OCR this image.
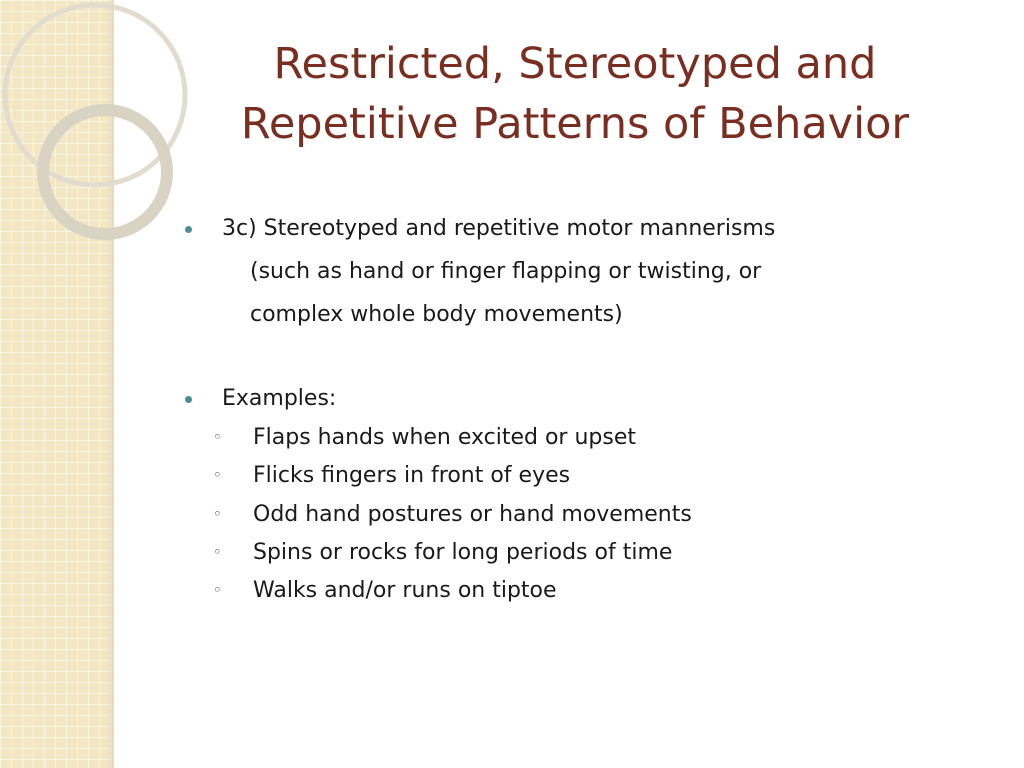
Restricted, Stereotyped and
Repetitive Patterns of Behavior

3c) Stereotyped and repetitive motor mannerisms

(such as hand or finger flapping or twisting, or

complex whole body movements)

Examples:

◦ Flaps hands when excited or upset
◦ Flicks fingers in front of eyes
◦ Odd hand postures or hand movements
◦ Spins or rocks for long periods of time
◦ Walks and/or runs on tiptoe
